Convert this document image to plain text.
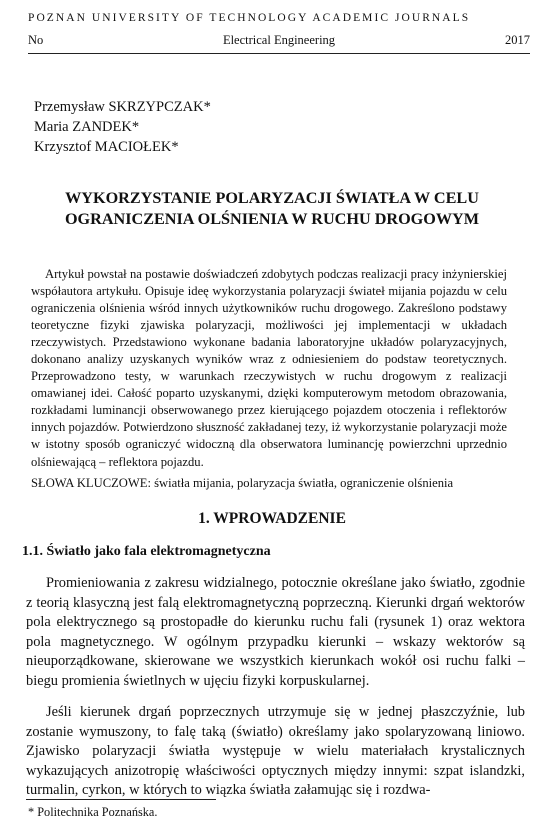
POZNAN UNIVERSITY OF TECHNOLOGY ACADEMIC JOURNALS
No	Electrical Engineering	2017
Przemysław SKRZYPCZAK*
Maria ZANDEK*
Krzysztof MACIOŁEK*
WYKORZYSTANIE POLARYZACJI ŚWIATŁA W CELU
OGRANICZENIA OLŚNIENIA W RUCHU DROGOWYM

Artykuł powstał na postawie doświadczeń zdobytych podczas realizacji pracy inżynierskiej współautora artykułu. Opisuje ideę wykorzystania polaryzacji świateł mijania pojazdu w celu ograniczenia olśnienia wśród innych użytkowników ruchu drogowego. Zakreślono podstawy teoretyczne fizyki zjawiska polaryzacji, możliwości jej implementacji w układach rzeczywistych. Przedstawiono wykonane badania laboratoryjne układów polaryzacyjnych, dokonano analizy uzyskanych wyników wraz z odniesieniem do podstaw teoretycznych. Przeprowadzono testy, w warunkach rzeczywistych w ruchu drogowym z realizacji omawianej idei. Całość poparto uzyskanymi, dzięki komputerowym metodom obrazowania, rozkładami luminancji obserwowanego przez kierującego pojazdem otoczenia i reflektorów innych pojazdów. Potwierdzono słuszność zakładanej tezy, iż wykorzystanie polaryzacji może w istotny sposób ograniczyć widoczną dla obserwatora luminancję powierzchni uprzednio olśniewającą – reflektora pojazdu.

SŁOWA KLUCZOWE: światła mijania, polaryzacja światła, ograniczenie olśnienia
1. WPROWADZENIE
1.1. Światło jako fala elektromagnetyczna

Promieniowania z zakresu widzialnego, potocznie określane jako światło, zgodnie z teorią klasyczną jest falą elektromagnetyczną poprzeczną. Kierunki drgań wektorów pola elektrycznego są prostopadłe do kierunku ruchu fali (rysunek 1) oraz wektora pola magnetycznego. W ogólnym przypadku kierunki – wskazy wektorów są nieuporządkowane, skierowane we wszystkich kierunkach wokół osi ruchu falki – biegu promienia świetlnych w ujęciu fizyki korpuskularnej.

Jeśli kierunek drgań poprzecznych utrzymuje się w jednej płaszczyźnie, lub zostanie wymuszony, to falę taką (światło) określamy jako spolaryzowaną liniowo. Zjawisko polaryzacji światła występuje w wielu materiałach krystalicznych wykazujących anizotropię właściwości optycznych między innymi: szpat islandzki, turmalin, cyrkon, w których to wiązka światła załamując się i rozdwa-

* Politechnika Poznańska.
